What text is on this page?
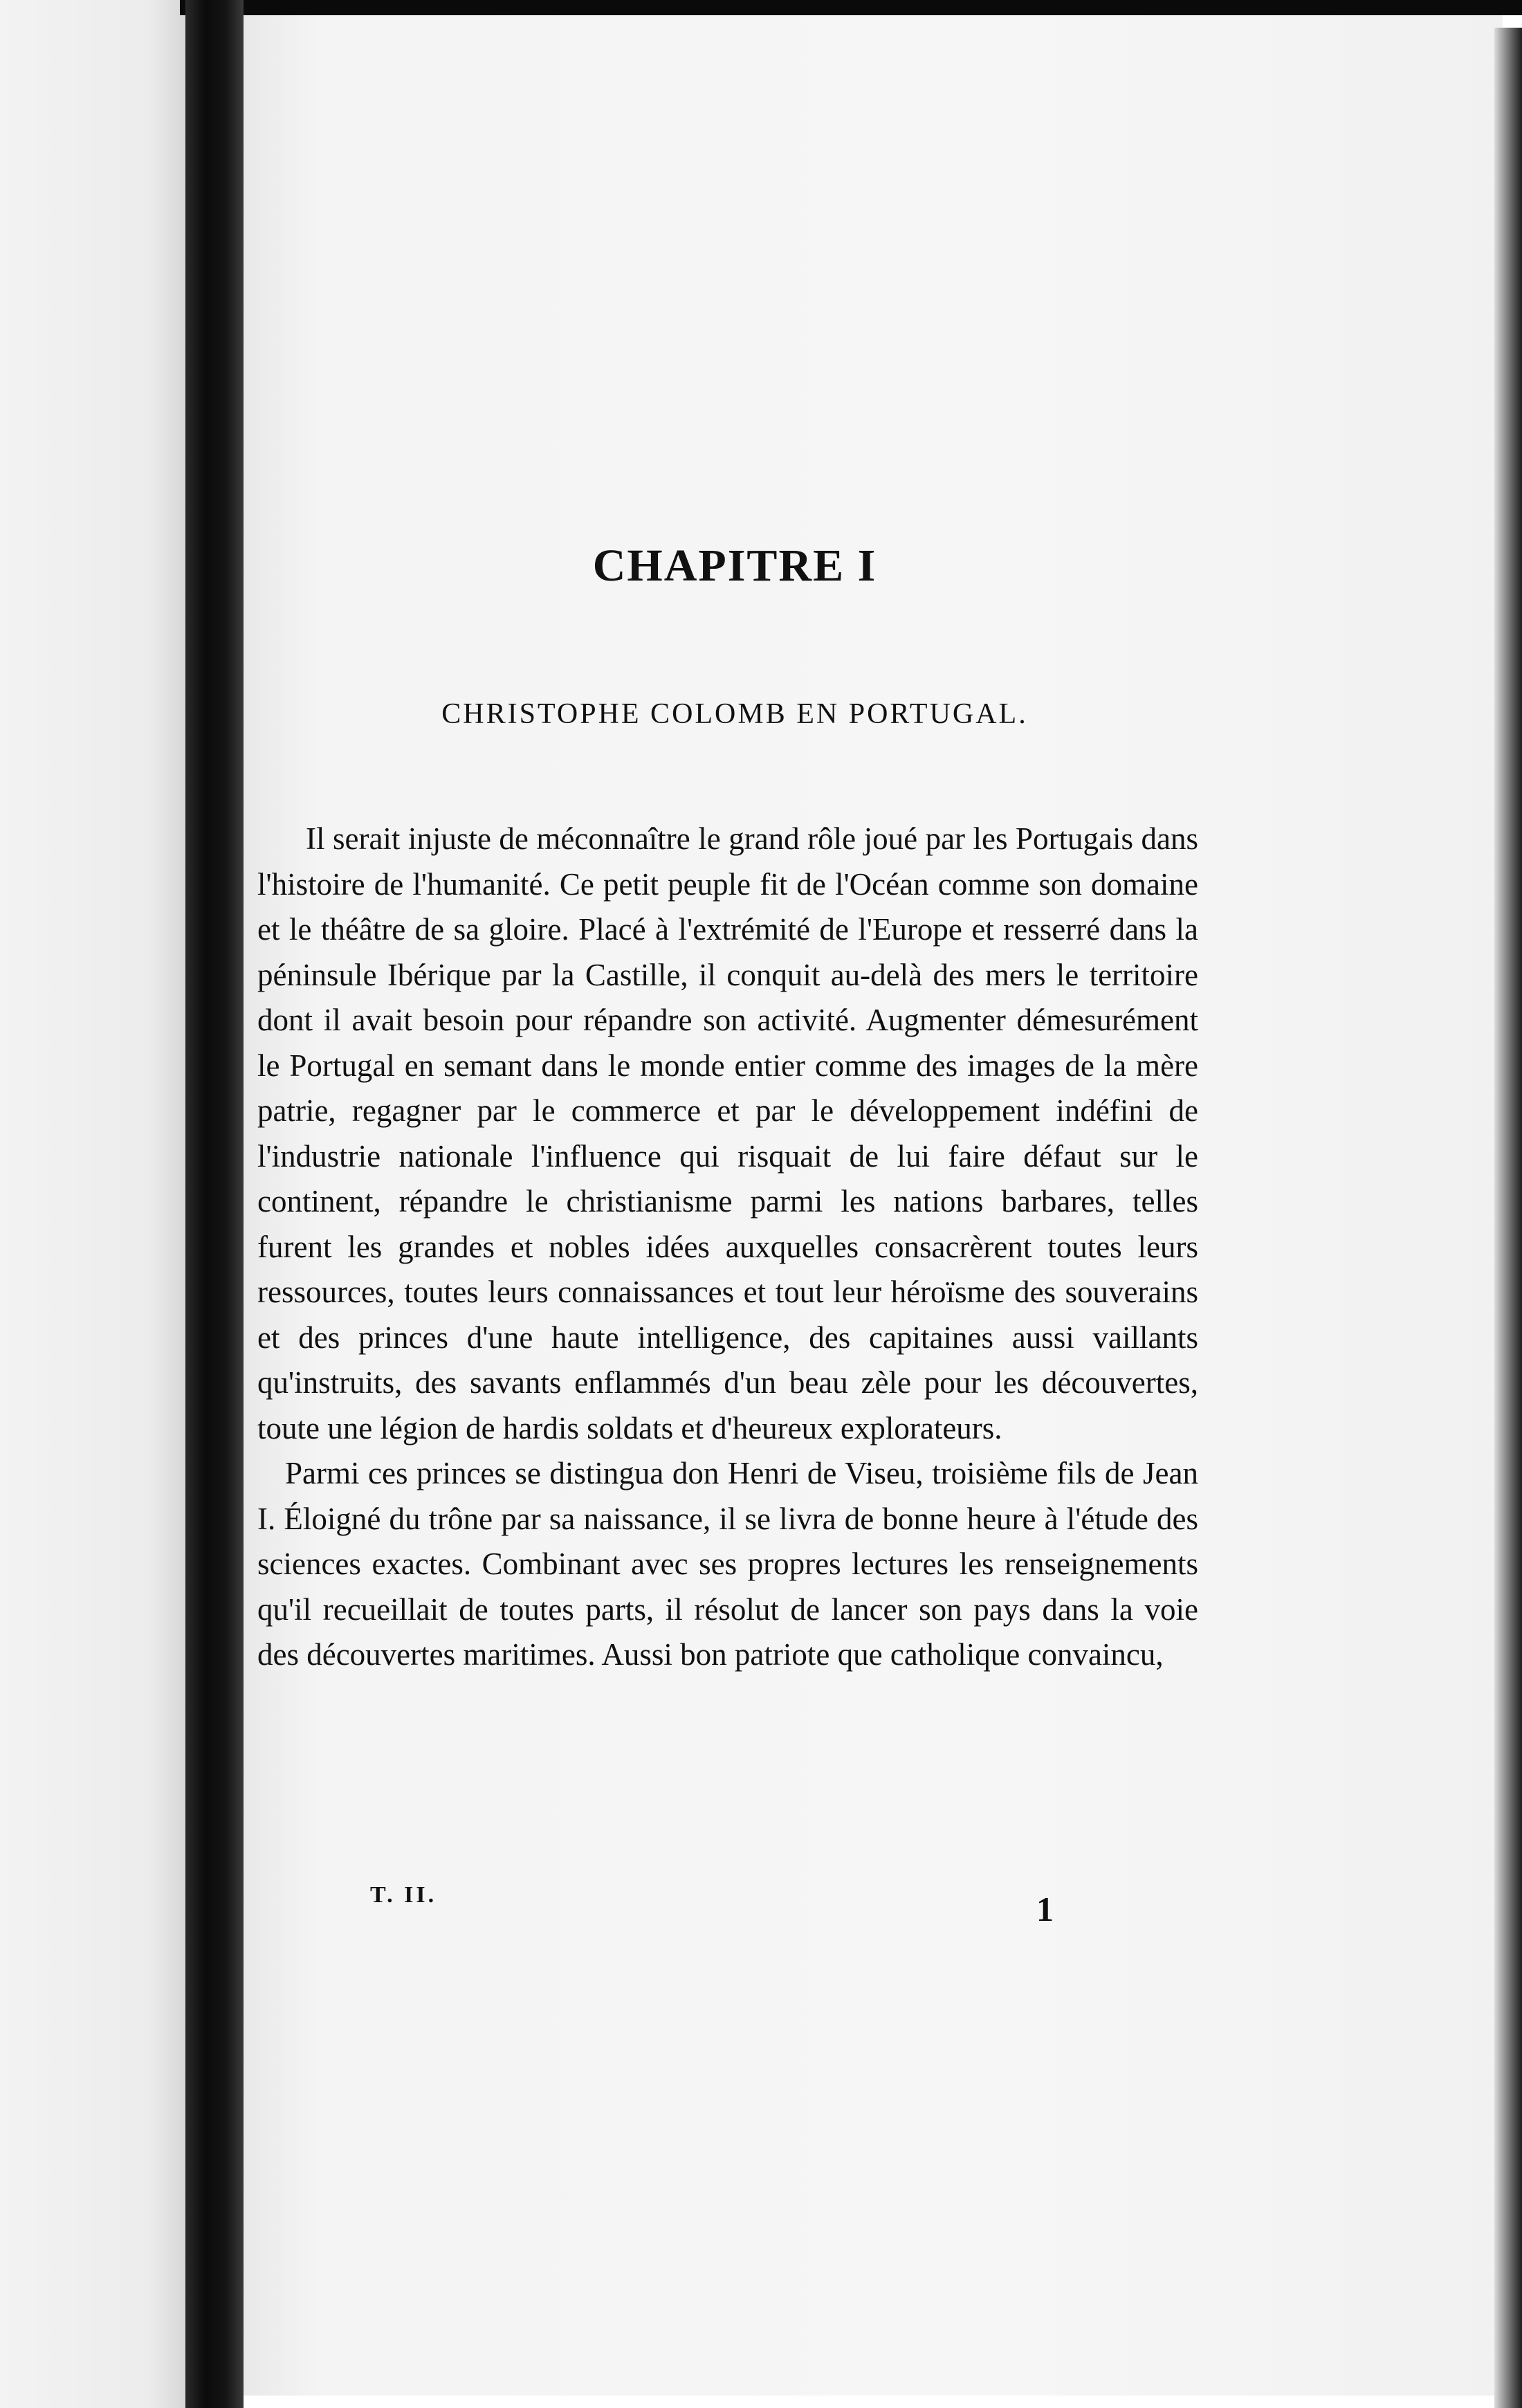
CHAPITRE I
CHRISTOPHE COLOMB EN PORTUGAL.

Il serait injuste de méconnaître le grand rôle joué par les Portugais dans l'histoire de l'humanité. Ce petit peuple fit de l'Océan comme son domaine et le théâtre de sa gloire. Placé à l'extrémité de l'Europe et resserré dans la péninsule Ibérique par la Castille, il conquit au-delà des mers le territoire dont il avait besoin pour répandre son activité. Augmenter démesurément le Portugal en semant dans le monde entier comme des images de la mère patrie, regagner par le commerce et par le développement indéfini de l'industrie nationale l'influence qui risquait de lui faire défaut sur le continent, répandre le christianisme parmi les nations barbares, telles furent les grandes et nobles idées auxquelles consacrèrent toutes leurs ressources, toutes leurs connaissances et tout leur héroïsme des souverains et des princes d'une haute intelligence, des capitaines aussi vaillants qu'instruits, des savants enflammés d'un beau zèle pour les découvertes, toute une légion de hardis soldats et d'heureux explorateurs.

Parmi ces princes se distingua don Henri de Viseu, troisième fils de Jean I. Éloigné du trône par sa naissance, il se livra de bonne heure à l'étude des sciences exactes. Combinant avec ses propres lectures les renseignements qu'il recueillait de toutes parts, il résolut de lancer son pays dans la voie des découvertes maritimes. Aussi bon patriote que catholique convaincu,

T. II.	1
